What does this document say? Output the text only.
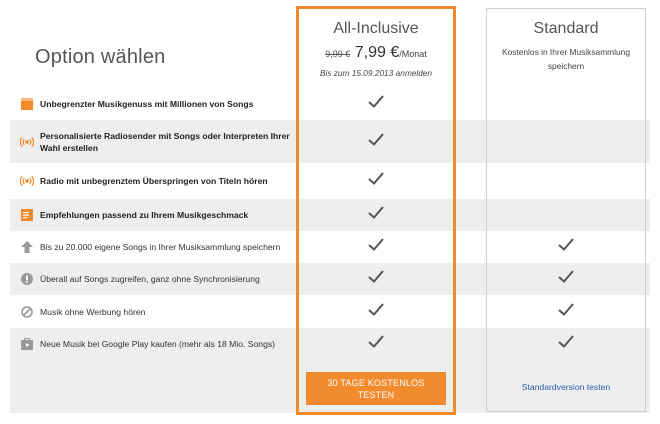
Option wählen
Unbegrenzter Musikgenuss mit Millionen von Songs
Personalisierte Radiosender mit Songs oder Interpreten Ihrer
Wahl erstellen
Radio mit unbegrenztem Überspringen von Titeln hören
Empfehlungen passend zu Ihrem Musikgeschmack
Bis zu 20.000 eigene Songs in Ihrer Musiksammlung speichern
Überall auf Songs zugreifen, ganz ohne Synchronisierung
Musik ohne Werbung hören
Neue Musik bei Google Play kaufen (mehr als 18 Mio. Songs)
All-Inclusive
9,99 € 7,99 €/Monat
Bis zum 15.09.2013 anmelden
Standard
Kostenlos in Ihrer Musiksammlung
speichern
30 TAGE KOSTENLOS
TESTEN
Standardversion testen
